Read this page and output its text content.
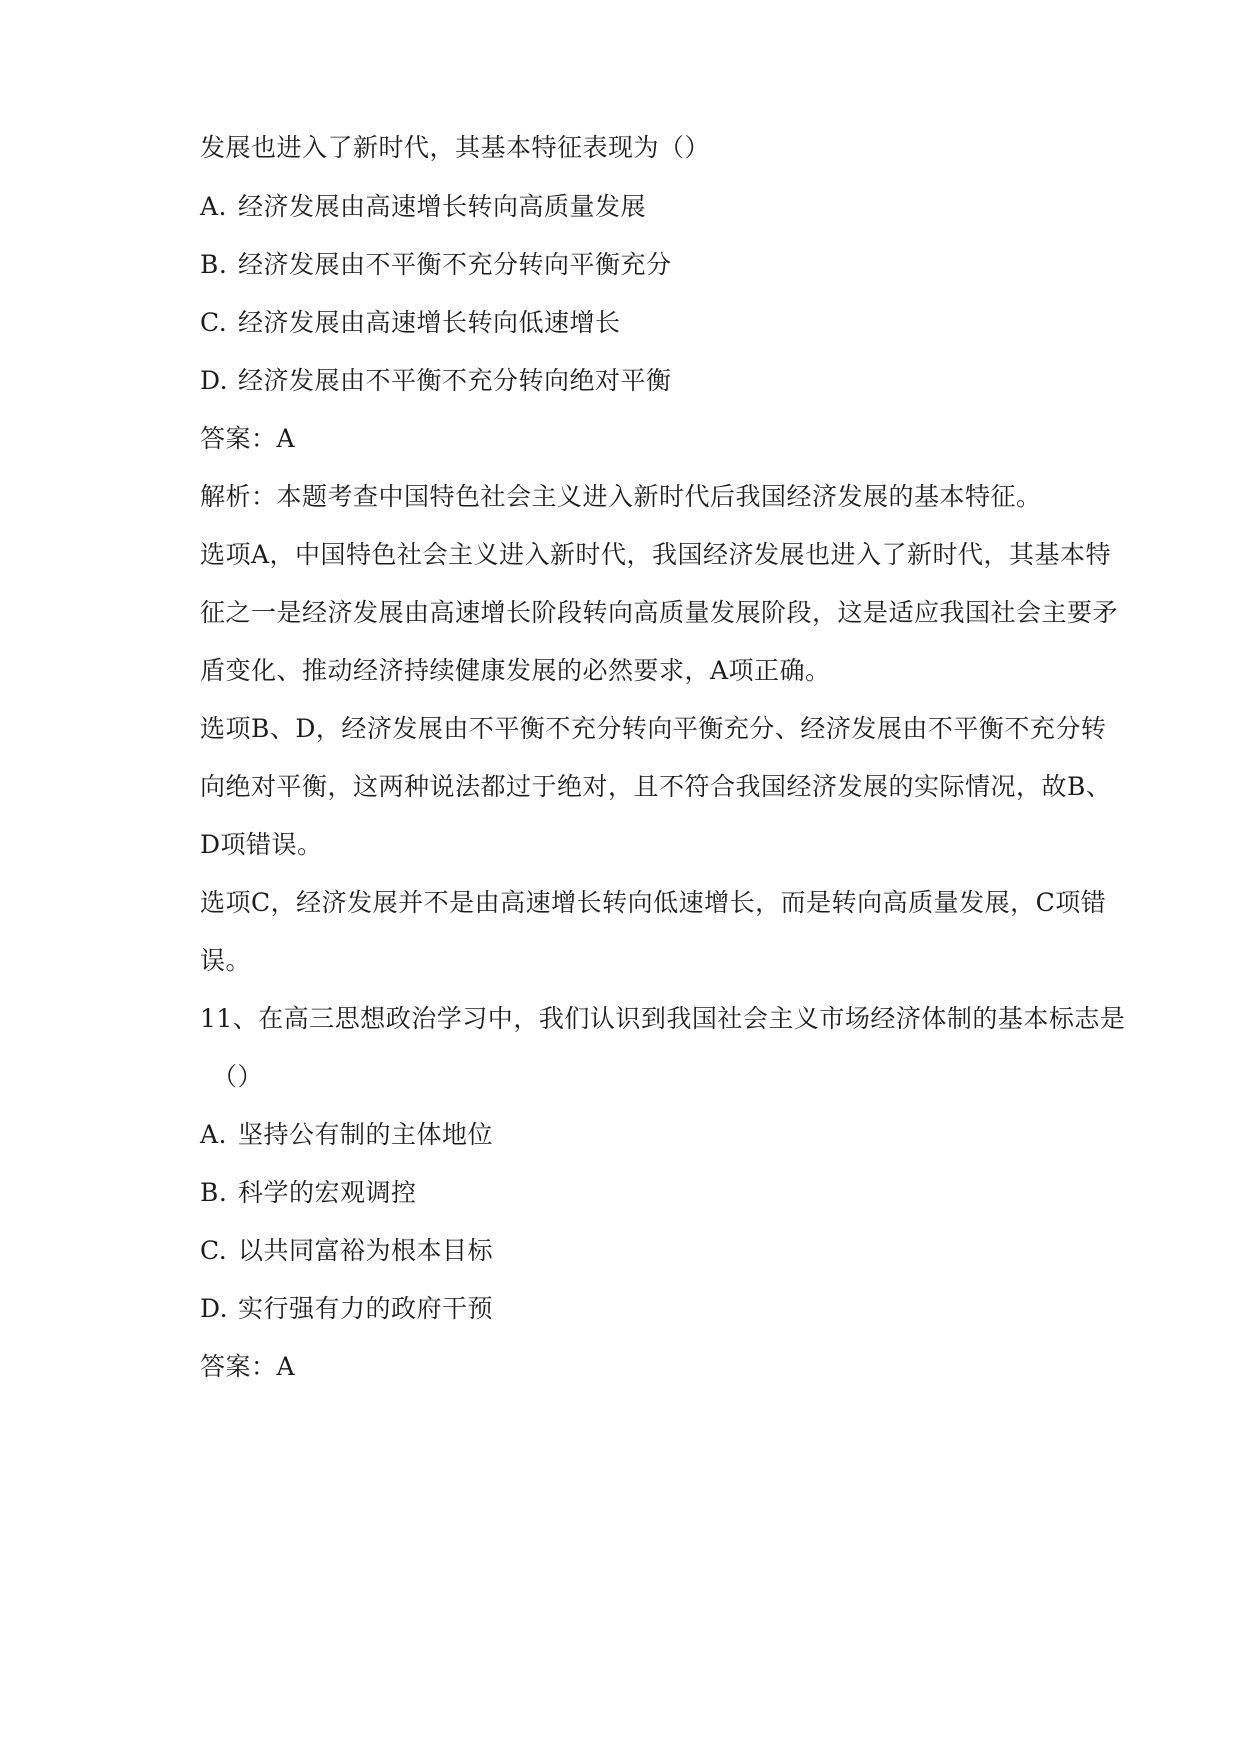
发展也进入了新时代，其基本特征表现为（）
A. 经济发展由高速增长转向高质量发展
B. 经济发展由不平衡不充分转向平衡充分
C. 经济发展由高速增长转向低速增长
D. 经济发展由不平衡不充分转向绝对平衡
答案：A
解析：本题考查中国特色社会主义进入新时代后我国经济发展的基本特征。
选项A，中国特色社会主义进入新时代，我国经济发展也进入了新时代，其基本特
征之一是经济发展由高速增长阶段转向高质量发展阶段，这是适应我国社会主要矛
盾变化、推动经济持续健康发展的必然要求，A项正确。
选项B、D，经济发展由不平衡不充分转向平衡充分、经济发展由不平衡不充分转
向绝对平衡，这两种说法都过于绝对，且不符合我国经济发展的实际情况，故B、
D项错误。
选项C，经济发展并不是由高速增长转向低速增长，而是转向高质量发展，C项错
误。
11、在高三思想政治学习中，我们认识到我国社会主义市场经济体制的基本标志是
（）
A. 坚持公有制的主体地位
B. 科学的宏观调控
C. 以共同富裕为根本目标
D. 实行强有力的政府干预
答案：A
